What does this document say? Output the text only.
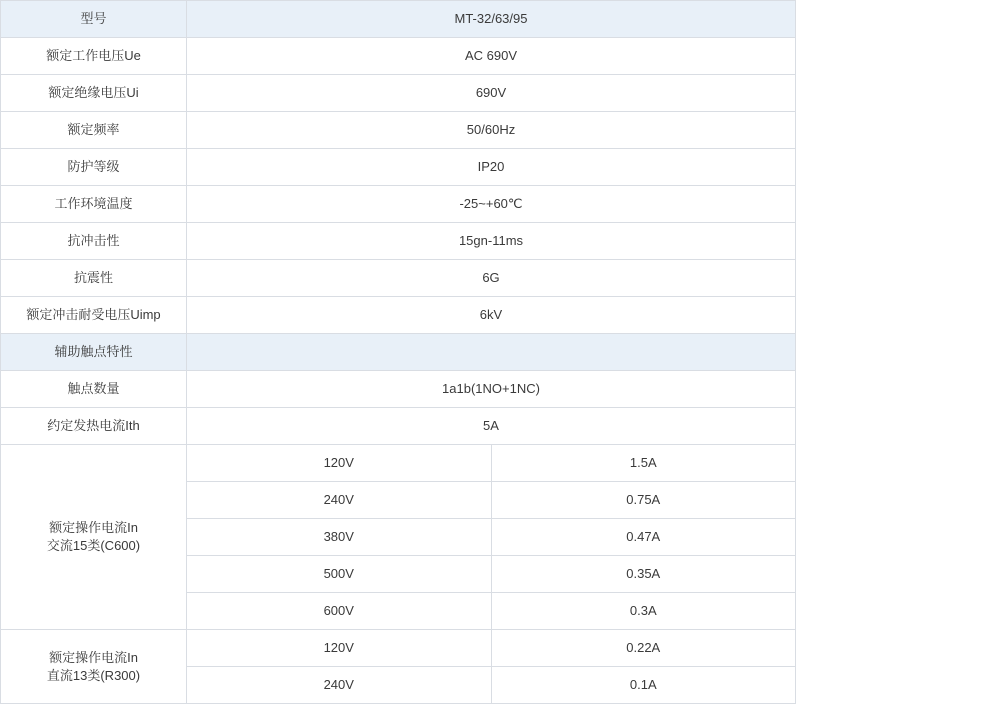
型号	MT-32/63/95	
额定工作电压Ue	AC 690V	
额定绝缘电压Ui	690V	
额定频率	50/60Hz	
防护等级	IP20	
工作环境温度	-25~+60℃	
抗冲击性	15gn-11ms	
抗震性	6G	
额定冲击耐受电压Uimp	6kV	
辅助触点特性		
触点数量	1a1b(1NO+1NC)	
约定发热电流Ith	5A	

额定操作电流In
交流15类(C600)	120V	1.5A
	240V	0.75A
	380V	0.47A
	500V	0.35A
	600V	0.3A

额定操作电流In
直流13类(R300)	120V	0.22A
	240V	0.1A
